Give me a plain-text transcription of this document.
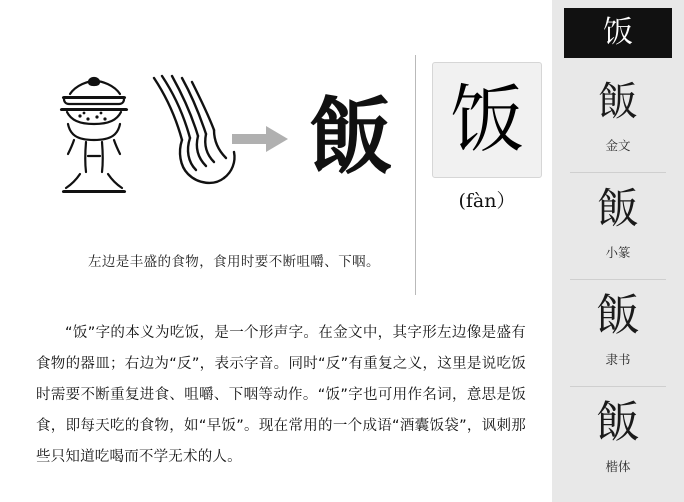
飯 饭
(fàn）
左边是丰盛的食物，食用时要不断咀嚼、下咽。
“饭”字的本义为吃饭，是一个形声字。在金文中，其字形左边像是盛有食物的器皿；右边为“反”，表示字音。同时“反”有重复之义，这里是说吃饭时需要不断重复进食、咀嚼、下咽等动作。“饭”字也可用作名词，意思是饭食，即每天吃的食物，如“早饭”。现在常用的一个成语“酒囊饭袋”，讽刺那些只知道吃喝而不学无术的人。
饭
飯
金文
飯
小篆
飯
隶书
飯
楷体
